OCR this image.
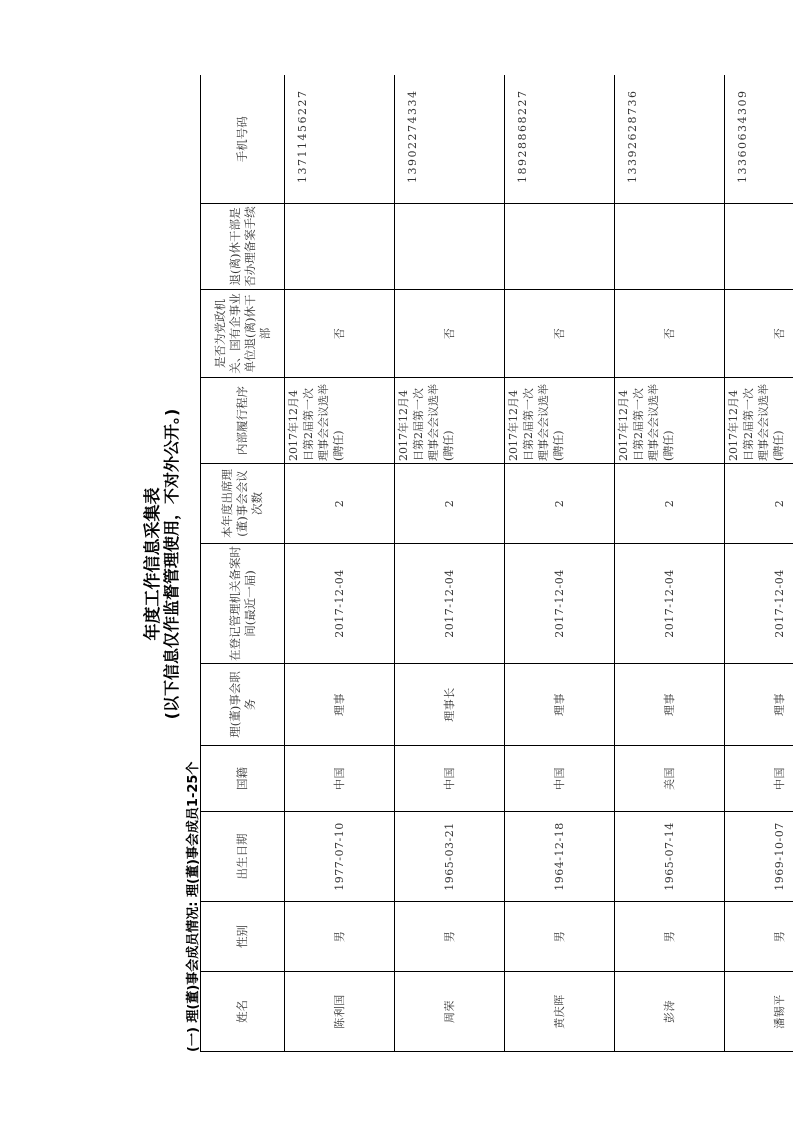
年度工作信息采集表 (以下信息仅作监督管理使用，不对外公开。)
(一) 理(董)事会成员情况: 理(董)事会成员1-25个	姓名	性别	出生日期	国籍	理(董)事会职务	在登记管理机关备案时间(最近一届)	本年度出席理(董)事会会议次数	内部履行程序	是否为党政机关、国有企事业单位退(离)休干部	退(离)休干部是否办理备案手续	手机号码
陈利国	男	1977-07-10	中国	理事	2017-12-04	2	2017年12月4日第2届第一次理事会会议选举(聘任)	否		13711456227
周荣	男	1965-03-21	中国	理事长	2017-12-04	2	2017年12月4日第2届第一次理事会会议选举(聘任)	否		13902274334
黄庆晖	男	1964-12-18	中国	理事	2017-12-04	2	2017年12月4日第2届第一次理事会会议选举(聘任)	否		18928868227
彭涛	男	1965-07-14	美国	理事	2017-12-04	2	2017年12月4日第2届第一次理事会会议选举(聘任)	否		13392628736
潘锡平	男	1969-10-07	中国	理事	2017-12-04	2	2017年12月4日第2届第一次理事会会议选举(聘任)	否		13360634309
